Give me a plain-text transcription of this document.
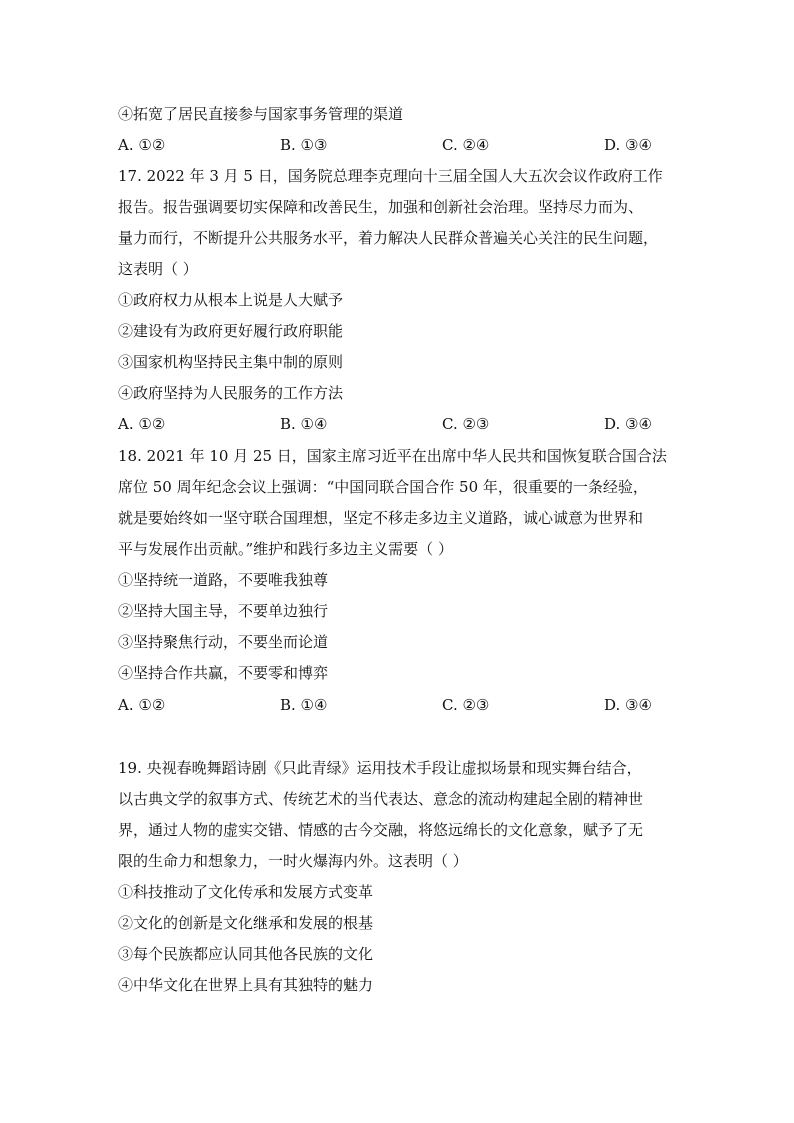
④拓宽了居民直接参与国家事务管理的渠道
A. ①②	B. ①③	C. ②④	D. ③④
17. 2022 年 3 月 5 日，国务院总理李克理向十三届全国人大五次会议作政府工作
报告。报告强调要切实保障和改善民生，加强和创新社会治理。坚持尽力而为、
量力而行，不断提升公共服务水平，着力解决人民群众普遍关心关注的民生问题，
这表明（ ）
①政府权力从根本上说是人大赋予
②建设有为政府更好履行政府职能
③国家机构坚持民主集中制的原则
④政府坚持为人民服务的工作方法
A. ①②	B. ①④	C. ②③	D. ③④
18. 2021 年 10 月 25 日，国家主席习近平在出席中华人民共和国恢复联合国合法
席位 50 周年纪念会议上强调：“中国同联合国合作 50 年，很重要的一条经验，
就是要始终如一坚守联合国理想，坚定不移走多边主义道路，诚心诚意为世界和
平与发展作出贡献。”维护和践行多边主义需要（ ）
①坚持统一道路，不要唯我独尊
②坚持大国主导，不要单边独行
③坚持聚焦行动，不要坐而论道
④坚持合作共赢，不要零和博弈
A. ①②	B. ①④	C. ②③	D. ③④
19. 央视春晚舞蹈诗剧《只此青绿》运用技术手段让虚拟场景和现实舞台结合，
以古典文学的叙事方式、传统艺术的当代表达、意念的流动构建起全剧的精神世
界，通过人物的虚实交错、情感的古今交融，将悠远绵长的文化意象，赋予了无
限的生命力和想象力，一时火爆海内外。这表明（ ）
①科技推动了文化传承和发展方式变革
②文化的创新是文化继承和发展的根基
③每个民族都应认同其他各民族的文化
④中华文化在世界上具有其独特的魅力
